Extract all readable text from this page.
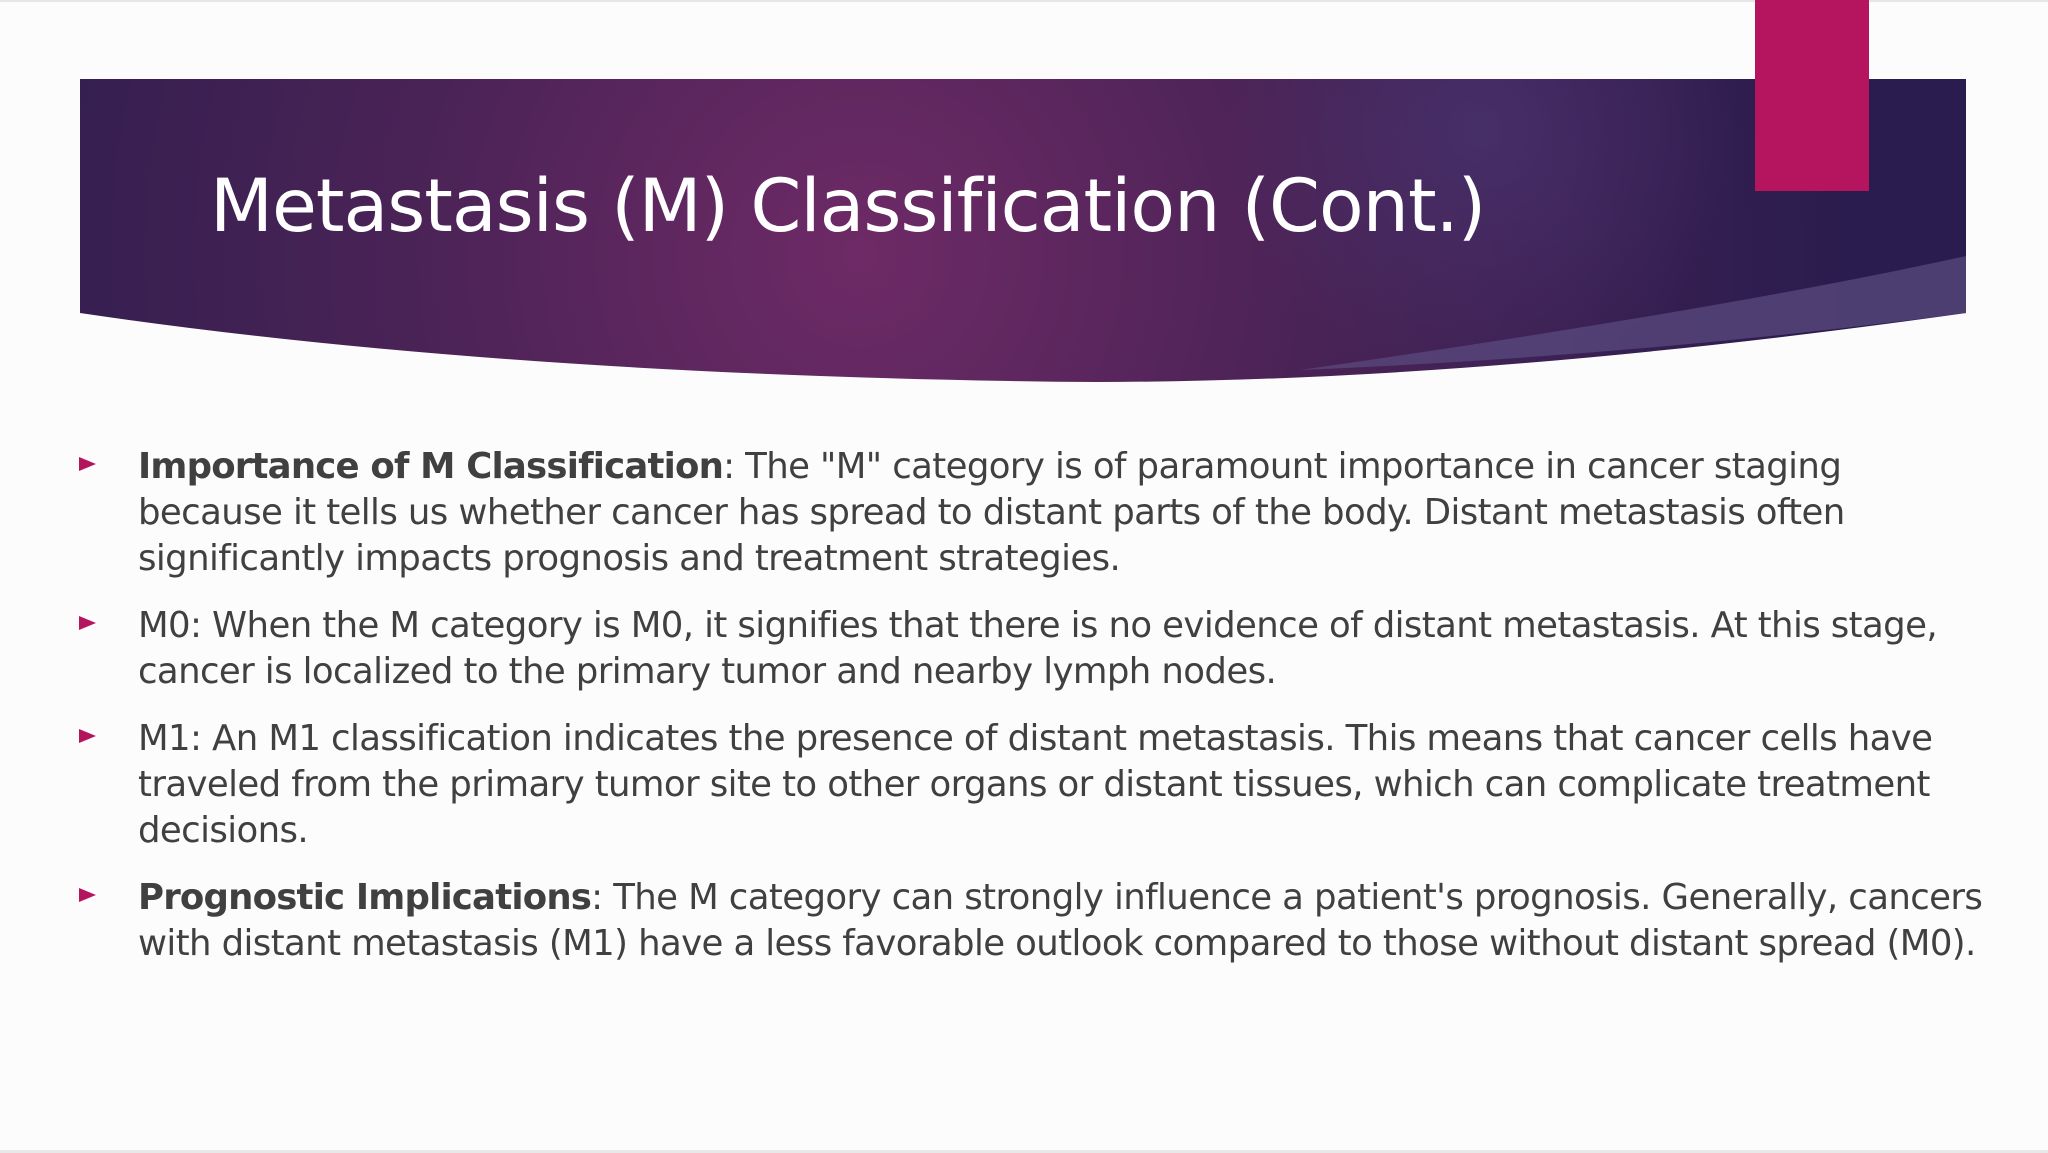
Metastasis (M) Classification (Cont.)
Importance of M Classification: The "M" category is of paramount importance in cancer staging because it tells us whether cancer has spread to distant parts of the body. Distant metastasis often significantly impacts prognosis and treatment strategies.
M0: When the M category is M0, it signifies that there is no evidence of distant metastasis. At this stage, cancer is localized to the primary tumor and nearby lymph nodes.
M1: An M1 classification indicates the presence of distant metastasis. This means that cancer cells have traveled from the primary tumor site to other organs or distant tissues, which can complicate treatment decisions.
Prognostic Implications: The M category can strongly influence a patient's prognosis. Generally, cancers with distant metastasis (M1) have a less favorable outlook compared to those without distant spread (M0).
